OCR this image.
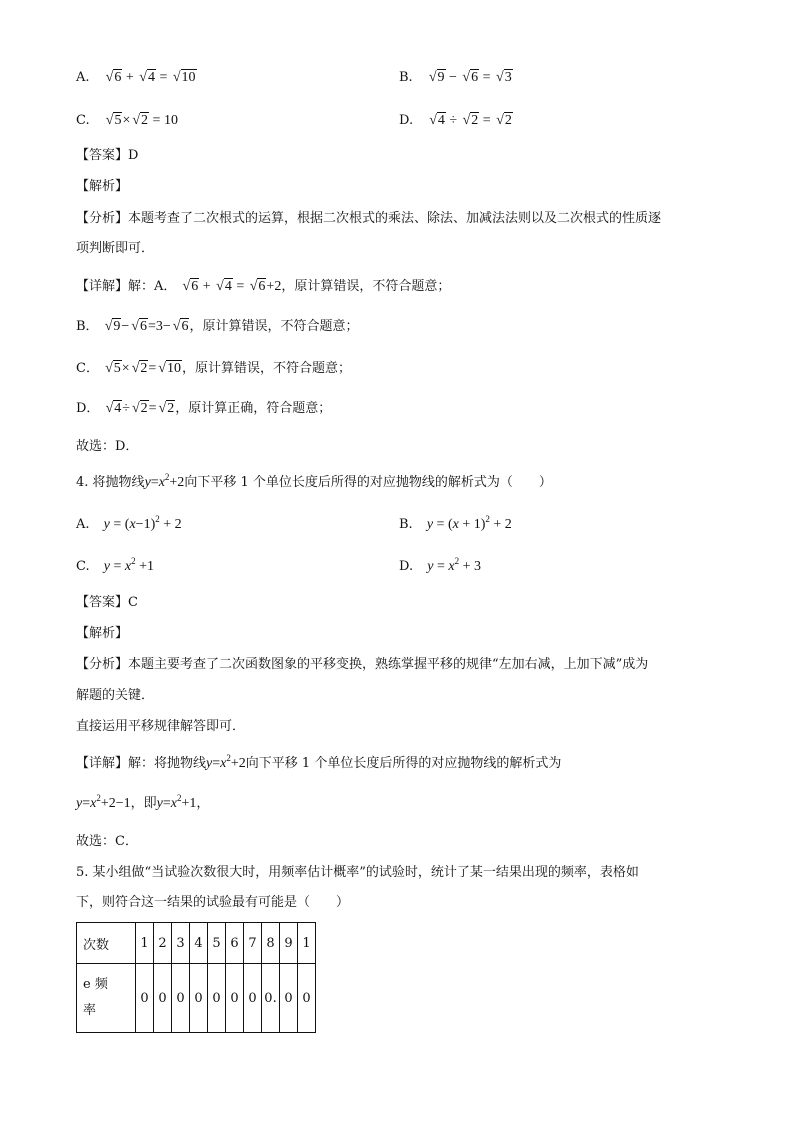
A. √6 + √4 = √10	B. √9 − √6 = √3
C. √5× √2 = 10	D. √4 ÷ √2 = √2
【答案】D
【解析】
【分析】本题考查了二次根式的运算，根据二次根式的乘法、除法、加减法法则以及二次根式的性质逐
项判断即可．
【详解】解：A． √6 + √4 = √6+2，原计算错误，不符合题意；
B． √9− √6=3− √6，原计算错误，不符合题意；
C． √5× √2= √10，原计算错误，不符合题意；
D． √4÷ √2= √2，原计算正确，符合题意；
故选：D．
4. 将抛物线$y=x^2+2$向下平移 1 个单位长度后所得的对应抛物线的解析式为（　　）
A. $y = (x-1)^2 + 2$	B. $y = (x + 1)^2 + 2$
C. $y = x^2 +1$	D. $y = x^2 + 3$
【答案】C
【解析】
【分析】本题主要考查了二次函数图象的平移变换，熟练掌握平移的规律“左加右减，上加下减”成为
解题的关键．
直接运用平移规律解答即可．
【详解】解：将抛物线$y=x^2+2$向下平移 1 个单位长度后所得的对应抛物线的解析式为
$y=x^2+2-1$，即$y=x^2+1$，
故选：C．
5. 某小组做“当试验次数很大时，用频率估计概率”的试验时，统计了某一结果出现的频率，表格如
下，则符合这一结果的试验最有可能是（　　）
次数	1	2	3	4	5	6	7	8	9	1

e 频
率	0	0	0	0	0	0	0	0.	0	0
